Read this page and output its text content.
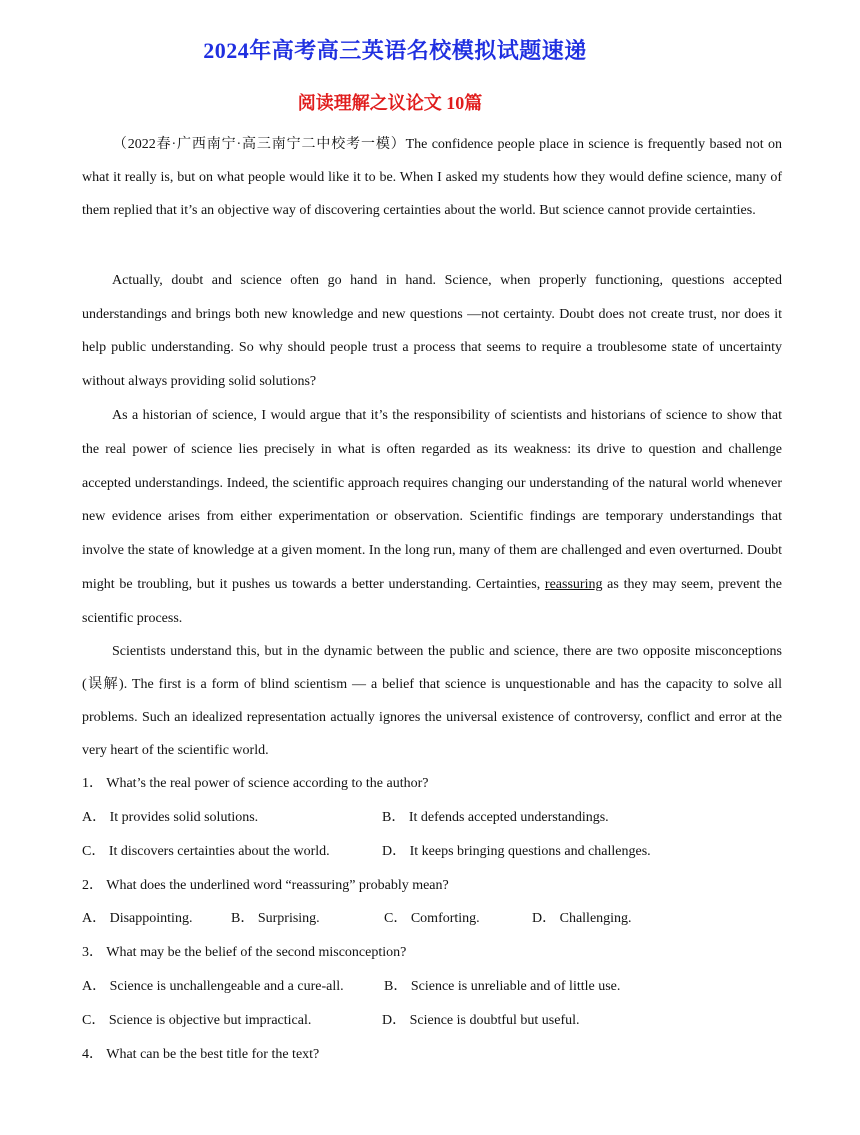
2024年高考高三英语名校模拟试题速递
阅读理解之议论文 10篇

（2022春·广西南宁·高三南宁二中校考一模）The confidence people place in science is frequently based not on what it really is, but on what people would like it to be. When I asked my students how they would define science, many of them replied that it’s an objective way of discovering certainties about the world. But science cannot provide certainties.

Actually, doubt and science often go hand in hand. Science, when properly functioning, questions accepted understandings and brings both new knowledge and new questions —not certainty. Doubt does not create trust, nor does it help public understanding. So why should people trust a process that seems to require a troublesome state of uncertainty without always providing solid solutions?

As a historian of science, I would argue that it’s the responsibility of scientists and historians of science to show that the real power of science lies precisely in what is often regarded as its weakness: its drive to question and challenge accepted understandings. Indeed, the scientific approach requires changing our understanding of the natural world whenever new evidence arises from either experimentation or observation. Scientific findings are temporary understandings that involve the state of knowledge at a given moment. In the long run, many of them are challenged and even overturned. Doubt might be troubling, but it pushes us towards a better understanding. Certainties, reassuring as they may seem, prevent the scientific process.

Scientists understand this, but in the dynamic between the public and science, there are two opposite misconceptions (误解). The first is a form of blind scientism — a belief that science is unquestionable and has the capacity to solve all problems. Such an idealized representation actually ignores the universal existence of controversy, conflict and error at the very heart of the scientific world.

1． What’s the real power of science according to the author?
A． It provides solid solutions.	B． It defends accepted understandings.
C． It discovers certainties about the world.	D． It keeps bringing questions and challenges.
2． What does the underlined word “reassuring” probably mean?
A． Disappointing.	B． Surprising.	C． Comforting.	D． Challenging.
3． What may be the belief of the second misconception?
A． Science is unchallengeable and a cure-all.	B． Science is unreliable and of little use.
C． Science is objective but impractical.	D． Science is doubtful but useful.
4． What can be the best title for the text?
